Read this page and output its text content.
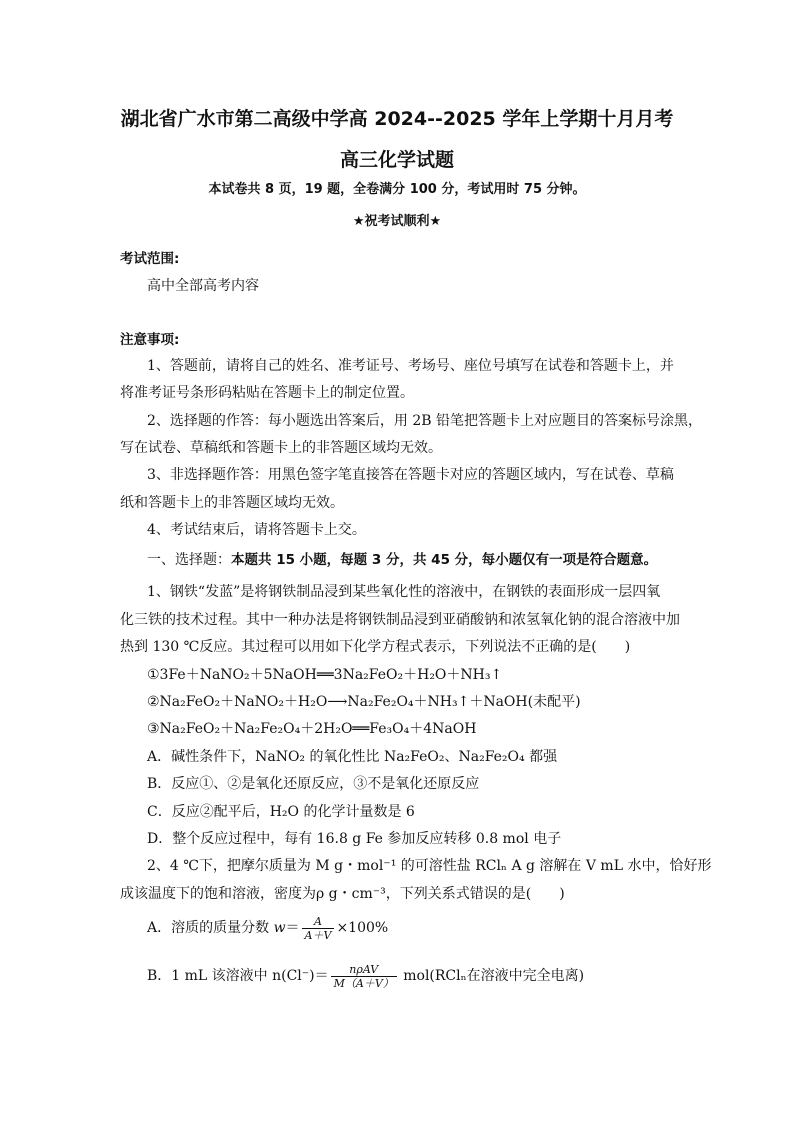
湖北省广水市第二高级中学高 2024--2025 学年上学期十月月考
高三化学试题
本试卷共 8 页，19 题，全卷满分 100 分，考试用时 75 分钟。
★祝考试顺利★
考试范围:
高中全部高考内容
注意事项:
1、答题前，请将自己的姓名、准考证号、考场号、座位号填写在试卷和答题卡上，并
将准考证号条形码粘贴在答题卡上的制定位置。
2、选择题的作答：每小题选出答案后，用 2B 铅笔把答题卡上对应题目的答案标号涂黑，
写在试卷、草稿纸和答题卡上的非答题区域均无效。
3、非选择题作答：用黑色签字笔直接答在答题卡对应的答题区域内，写在试卷、草稿
纸和答题卡上的非答题区域均无效。
4、考试结束后，请将答题卡上交。
一、选择题：本题共 15 小题，每题 3 分，共 45 分，每小题仅有一项是符合题意。
1、钢铁“发蓝”是将钢铁制品浸到某些氧化性的溶液中，在钢铁的表面形成一层四氧
化三铁的技术过程。其中一种办法是将钢铁制品浸到亚硝酸钠和浓氢氧化钠的混合溶液中加
热到 130 ℃反应。其过程可以用如下化学方程式表示，下列说法不正确的是(　　)
①3Fe＋NaNO₂＋5NaOH══3Na₂FeO₂＋H₂O＋NH₃↑
②Na₂FeO₂＋NaNO₂＋H₂O⟶Na₂Fe₂O₄＋NH₃↑＋NaOH(未配平)
③Na₂FeO₂＋Na₂Fe₂O₄＋2H₂O══Fe₃O₄＋4NaOH
A．碱性条件下，NaNO₂ 的氧化性比 Na₂FeO₂、Na₂Fe₂O₄ 都强
B．反应①、②是氧化还原反应，③不是氧化还原反应
C．反应②配平后，H₂O 的化学计量数是 6
D．整个反应过程中，每有 16.8 g Fe 参加反应转移 0.8 mol 电子
2、4 ℃下，把摩尔质量为 M g・mol⁻¹ 的可溶性盐 RClₙ A g 溶解在 V mL 水中，恰好形
成该温度下的饱和溶液，密度为ρ g・cm⁻³，下列关系式错误的是(　　)
A．溶质的质量分数 $w= \frac{A}{A+V} \times 100\%$
B．1 mL 该溶液中 $n(Cl^-)= \frac{\text{nρAV}}{M(A+V)} mol(RCl_n$在溶液中完全电离)
